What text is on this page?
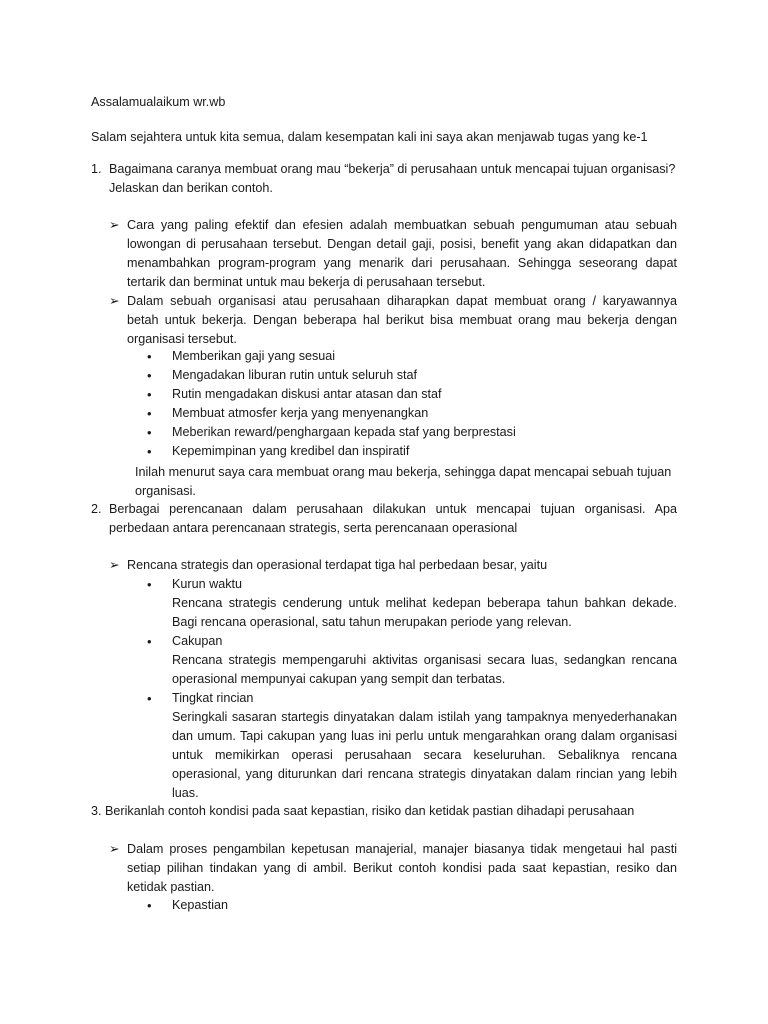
Assalamualaikum wr.wb
Salam sejahtera untuk kita semua, dalam kesempatan kali ini saya akan menjawab tugas yang ke-1
1. Bagaimana caranya membuat orang mau “bekerja” di perusahaan untuk mencapai tujuan organisasi?
Jelaskan dan berikan contoh.
➢ Cara yang paling efektif dan efesien adalah membuatkan sebuah pengumuman atau sebuah
lowongan di perusahaan tersebut. Dengan detail gaji, posisi, benefit yang akan didapatkan dan
menambahkan program-program yang menarik dari perusahaan. Sehingga seseorang dapat
tertarik dan berminat untuk mau bekerja di perusahaan tersebut.
➢ Dalam sebuah organisasi atau perusahaan diharapkan dapat membuat orang / karyawannya
betah untuk bekerja. Dengan beberapa hal berikut bisa membuat orang mau bekerja dengan
organisasi tersebut.
• Memberikan gaji yang sesuai
• Mengadakan liburan rutin untuk seluruh staf
• Rutin mengadakan diskusi antar atasan dan staf
• Membuat atmosfer kerja yang menyenangkan
• Meberikan reward/penghargaan kepada staf yang berprestasi
• Kepemimpinan yang kredibel dan inspiratif
Inilah menurut saya cara membuat orang mau bekerja, sehingga dapat mencapai sebuah tujuan
organisasi.
2. Berbagai perencanaan dalam perusahaan dilakukan untuk mencapai tujuan organisasi. Apa
perbedaan antara perencanaan strategis, serta perencanaan operasional
➢ Rencana strategis dan operasional terdapat tiga hal perbedaan besar, yaitu
• Kurun waktu
Rencana strategis cenderung untuk melihat kedepan beberapa tahun bahkan dekade.
Bagi rencana operasional, satu tahun merupakan periode yang relevan.
• Cakupan
Rencana strategis mempengaruhi aktivitas organisasi secara luas, sedangkan rencana
operasional mempunyai cakupan yang sempit dan terbatas.
• Tingkat rincian
Seringkali sasaran startegis dinyatakan dalam istilah yang tampaknya menyederhanakan
dan umum. Tapi cakupan yang luas ini perlu untuk mengarahkan orang dalam organisasi
untuk memikirkan operasi perusahaan secara keseluruhan. Sebaliknya rencana
operasional, yang diturunkan dari rencana strategis dinyatakan dalam rincian yang lebih
luas.
3. Berikanlah contoh kondisi pada saat kepastian, risiko dan ketidak pastian dihadapi perusahaan
➢ Dalam proses pengambilan kepetusan manajerial, manajer biasanya tidak mengetaui hal pasti
setiap pilihan tindakan yang di ambil. Berikut contoh kondisi pada saat kepastian, resiko dan
ketidak pastian.
• Kepastian
